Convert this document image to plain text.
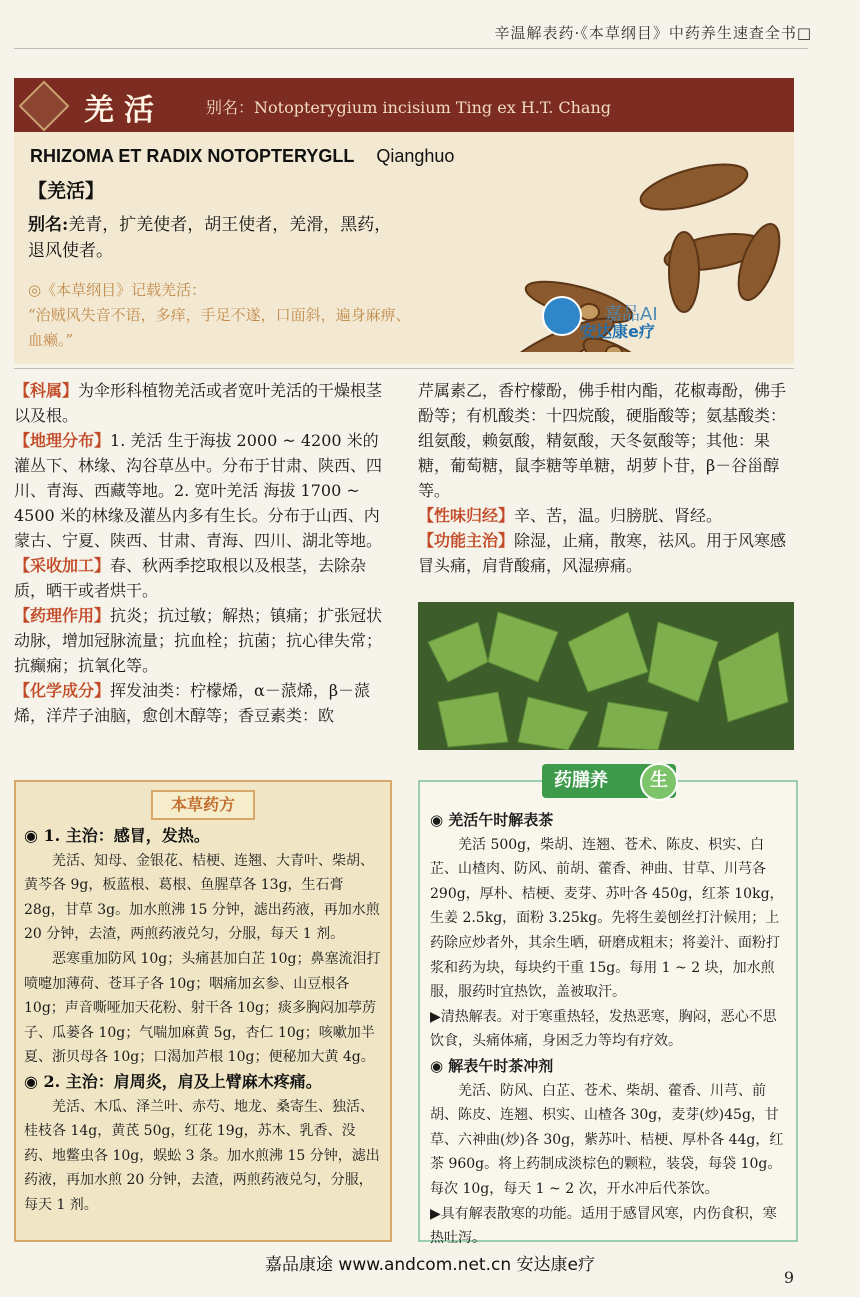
辛温解表药·《本草纲目》中药养生速查全书□
羌活	别名：Notopterygium incisium Ting ex H.T. Chang
RHIZOMA ET RADIX NOTOPTERYGLL Qianghuo
【羌活】
别名:羌青，扩羌使者，胡王使者，羌滑，黑药，退风使者。
◎《本草纲目》记载羌活：
“治贼风失音不语，多痒，手足不遂，口面斜，遍身麻痹、血癞。”
嘉品AI
安达康e疗

【科属】为伞形科植物羌活或者宽叶羌活的干燥根茎以及根。

【地理分布】1. 羌活 生于海拔 2000 ~ 4200 米的灌丛下、林缘、沟谷草丛中。分布于甘肃、陕西、四川、青海、西藏等地。2. 宽叶羌活 海拔 1700 ~ 4500 米的林缘及灌丛内多有生长。分布于山西、内蒙古、宁夏、陕西、甘肃、青海、四川、湖北等地。

【采收加工】春、秋两季挖取根以及根茎，去除杂质，晒干或者烘干。

【药理作用】抗炎；抗过敏；解热；镇痛；扩张冠状动脉，增加冠脉流量；抗血栓；抗菌；抗心律失常；抗癫痫；抗氧化等。

【化学成分】挥发油类：柠檬烯，α－蒎烯，β－蒎烯，洋芹子油脑，愈创木醇等；香豆素类：欧

芹属素乙，香柠檬酚，佛手柑内酯，花椒毒酚，佛手酚等；有机酸类：十四烷酸，硬脂酸等；氨基酸类：组氨酸，赖氨酸，精氨酸，天冬氨酸等；其他：果糖，葡萄糖，鼠李糖等单糖，胡萝卜苷，β－谷甾醇等。

【性味归经】辛、苦，温。归膀胱、肾经。

【功能主治】除湿，止痛，散寒，祛风。用于风寒感冒头痛，肩背酸痛，风湿痹痛。

本草药方
◉ 1. 主治：感冒，发热。
羌活、知母、金银花、桔梗、连翘、大青叶、柴胡、黄芩各 9g，板蓝根、葛根、鱼腥草各 13g，生石膏 28g，甘草 3g。加水煎沸 15 分钟，滤出药液，再加水煎 20 分钟，去渣，两煎药液兑匀，分服，每天 1 剂。
恶寒重加防风 10g；头痛甚加白芷 10g；鼻塞流泪打喷嚏加薄荷、苍耳子各 10g；咽痛加玄参、山豆根各 10g；声音嘶哑加天花粉、射干各 10g；痰多胸闷加葶苈子、瓜蒌各 10g；气喘加麻黄 5g，杏仁 10g；咳嗽加半夏、浙贝母各 10g；口渴加芦根 10g；便秘加大黄 4g。
◉ 2. 主治：肩周炎，肩及上臂麻木疼痛。
羌活、木瓜、泽兰叶、赤芍、地龙、桑寄生、独活、桂枝各 14g，黄芪 50g，红花 19g，苏木、乳香、没药、地鳖虫各 10g，蜈蚣 3 条。加水煎沸 15 分钟，滤出药液，再加水煎 20 分钟，去渣，两煎药液兑匀，分服，每天 1 剂。
药膳养	生
◉ 羌活午时解表茶
羌活 500g，柴胡、连翘、苍术、陈皮、枳实、白芷、山楂肉、防风、前胡、藿香、神曲、甘草、川芎各 290g，厚朴、桔梗、麦芽、苏叶各 450g，红茶 10kg，生姜 2.5kg，面粉 3.25kg。先将生姜刨丝打汁候用；上药除应炒者外，其余生晒，研磨成粗末；将姜汁、面粉打浆和药为块，每块约干重 15g。每用 1 ~ 2 块，加水煎服，服药时宜热饮，盖被取汗。
▶清热解表。对于寒重热轻，发热恶寒，胸闷，恶心不思饮食，头痛体痛，身困乏力等均有疗效。
◉ 解表午时茶冲剂
羌活、防风、白芷、苍术、柴胡、藿香、川芎、前胡、陈皮、连翘、枳实、山楂各 30g，麦芽(炒)45g，甘草、六神曲(炒)各 30g，紫苏叶、桔梗、厚朴各 44g，红茶 960g。将上药制成淡棕色的颗粒，装袋，每袋 10g。每次 10g，每天 1 ~ 2 次，开水冲后代茶饮。
▶具有解表散寒的功能。适用于感冒风寒，内伤食积，寒热吐泻。
嘉品康途 www.andcom.net.cn 安达康e疗
9
